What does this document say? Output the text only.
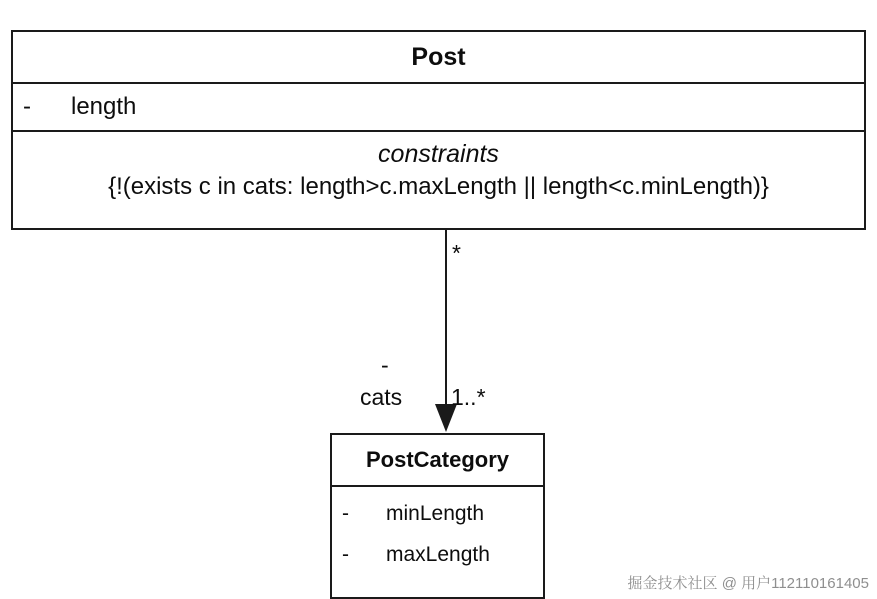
Post
-	length
constraints
{!(exists c in cats: length>c.maxLength || length<c.minLength)}
*
-
cats 1..*
PostCategory
-	minLength
-	maxLength
掘金技术社区 @ 用户112110161405
